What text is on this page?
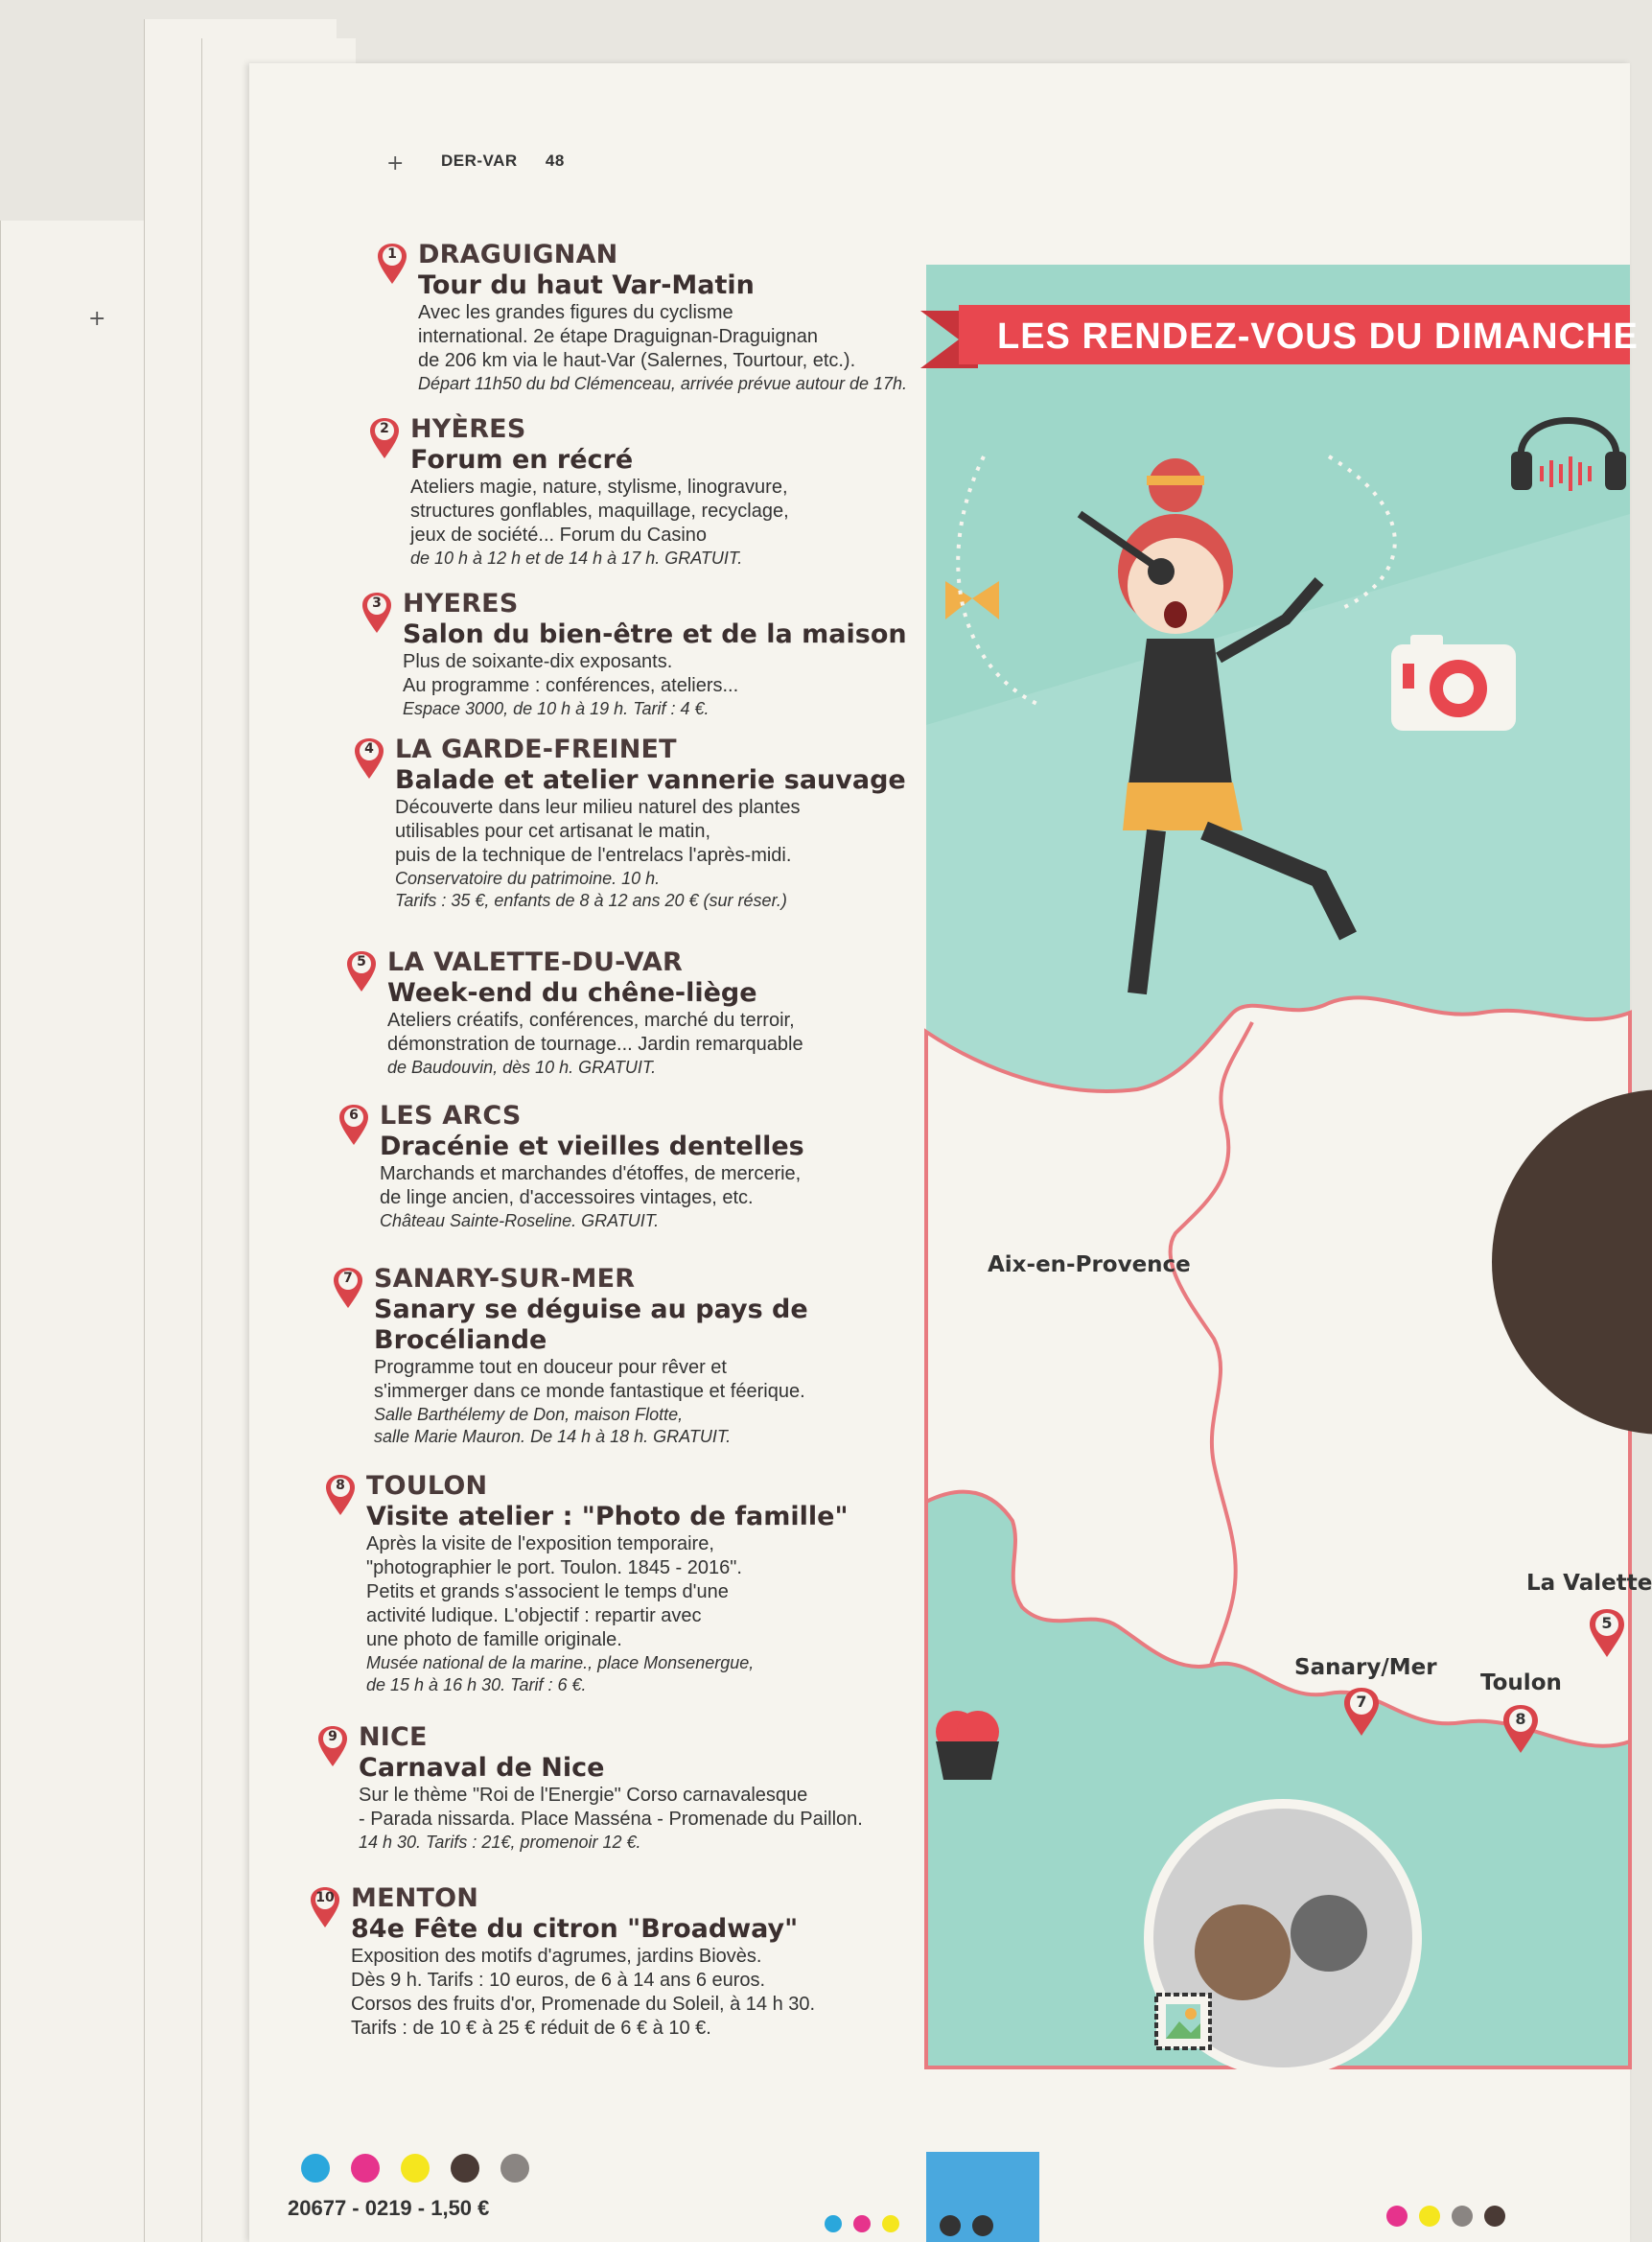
+
+ DER-VAR 48
1 DRAGUIGNAN
Tour du haut Var-Matin
Avec les grandes figures du cyclisme
international. 2e étape Draguignan-Draguignan
de 206 km via le haut-Var (Salernes, Tourtour, etc.).
Départ 11h50 du bd Clémenceau, arrivée prévue autour de 17h.
2 HYÈRES
Forum en récré
Ateliers magie, nature, stylisme, linogravure,
structures gonflables, maquillage, recyclage,
jeux de société... Forum du Casino
de 10 h à 12 h et de 14 h à 17 h. GRATUIT.
3 HYERES
Salon du bien-être et de la maison
Plus de soixante-dix exposants.
Au programme : conférences, ateliers...
Espace 3000, de 10 h à 19 h. Tarif : 4 €.
4 LA GARDE-FREINET
Balade et atelier vannerie sauvage
Découverte dans leur milieu naturel des plantes
utilisables pour cet artisanat le matin,
puis de la technique de l'entrelacs l'après-midi.
Conservatoire du patrimoine. 10 h.
Tarifs : 35 €, enfants de 8 à 12 ans 20 € (sur réser.)
5 LA VALETTE-DU-VAR
Week-end du chêne-liège
Ateliers créatifs, conférences, marché du terroir,
démonstration de tournage... Jardin remarquable
de Baudouvin, dès 10 h. GRATUIT.
6 LES ARCS
Dracénie et vieilles dentelles
Marchands et marchandes d'étoffes, de mercerie,
de linge ancien, d'accessoires vintages, etc.
Château Sainte-Roseline. GRATUIT.
7 SANARY-SUR-MER
Sanary se déguise au pays de Brocéliande
Programme tout en douceur pour rêver et
s'immerger dans ce monde fantastique et féerique.
Salle Barthélemy de Don, maison Flotte,
salle Marie Mauron. De 14 h à 18 h. GRATUIT.
8 TOULON
Visite atelier : "Photo de famille"
Après la visite de l'exposition temporaire,
"photographier le port. Toulon. 1845 - 2016".
Petits et grands s'associent le temps d'une
activité ludique. L'objectif : repartir avec
une photo de famille originale.
Musée national de la marine., place Monsenergue,
de 15 h à 16 h 30. Tarif : 6 €.
9 NICE
Carnaval de Nice
Sur le thème "Roi de l'Energie" Corso carnavalesque
- Parada nissarda. Place Masséna - Promenade du Paillon.
14 h 30. Tarifs : 21€, promenoir 12 €.
10 MENTON
84e Fête du citron "Broadway"
Exposition des motifs d'agrumes, jardins Biovès.
Dès 9 h. Tarifs : 10 euros, de 6 à 14 ans 6 euros.
Corsos des fruits d'or, Promenade du Soleil, à 14 h 30.
Tarifs : de 10 € à 25 € réduit de 6 € à 10 €.
LES RENDEZ-VOUS DU DIMANCHE
Aix-en-Provence
La Valette
Sanary/Mer
Toulon
7
8
5
20677 - 0219 - 1,50 €
